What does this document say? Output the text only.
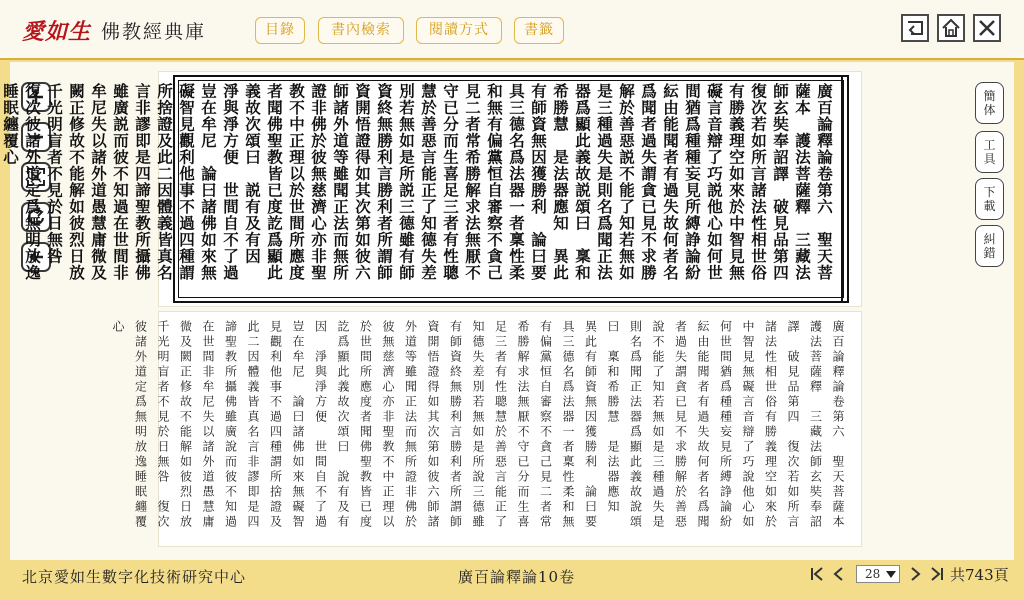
愛如生 佛教經典庫	目錄	書內檢索	閱讀方式	書籤
廣百論釋論卷第六　聖天菩薩本　護法菩薩釋　三藏法師玄奘奉詔譯　破見品第四　復次若如所言諸法性相世俗有勝義理空如來於中智見無礙言音辯了巧説他心如何世間猶爲種種妄見所縛諍論紛紜由能聞者有過失故何者名爲聞者過失謂貪已見不求勝解於善惡説不能了知若無如是三種過失是則名爲聞正法器爲顯此義故説頌曰　稟和希勝慧　是法器應知　異此有師資無因獲勝利　論曰要具三德名爲法器一者稟性柔和無有偏黨恒自審察不貪己見二者常希勝解求法無厭不守已分而生喜足三者有性聰慧於善惡言能正了知德失差別若無如是所説三德雖有師資終無勝利言勝利者所謂師資開悟證得如其次第如彼六師諸外道等雖聞正法而無所證非佛於彼無慈濟心亦非聖教不中正理以於世間所應度者聞佛聖教皆已度訖爲顯此義故次頌曰　説有及有因　淨與淨方便　世間自不了過豈在牟尼　論曰諸佛如來無礙智見觀利他事不過四種謂所捨證及此二因體義皆真名言非謬即是四諦聖教所攝佛雖廣説而彼不知過在世間非牟尼失以諸外道愚慧庸微及闕正修故不能解如彼烈日放千光明盲者不見於日無咎　復次彼諸外道定爲無明放逸睡眠纏覆心
廣百論釋論卷第六　聖天菩薩本　護法菩薩釋　三藏法師玄奘奉詔譯　破見品第四　復次若如所言諸法性相世俗有勝義理空如來於中智見無礙言音辯了巧說他心如何世間猶爲種種妄見所縛諍論紛紜由能聞者有過失故何者名爲聞者過失謂貪已見不求勝解於善惡說不能了知若無如是三種過失是則名爲聞正法器爲顯此義故說頌曰　稟和希勝慧　是法器應知　異此有師資無因獲勝利　論曰要具三德名爲法器一者稟性柔和無有偏黨恒自審察不貪己見二者常希勝解求法無厭不守已分而生喜足三者有性聰慧於善惡言能正了知德失差別若無如是所說三德雖有師資終無勝利言勝利者所謂師資開悟證得如其次第如彼六師諸外道等雖聞正法而無所證非佛於彼無慈濟心亦非聖教不中正理以於世間所應度者聞佛聖教皆已度訖爲顯此義故次頌曰　說有及有因　淨與淨方便　世間自不了過豈在牟尼　論曰諸佛如來無礙智見觀利他事不過四種謂所捨證及此二因體義皆真名言非謬即是四諦聖教所攝佛雖廣說而彼不知過在世間非牟尼失以諸外道愚慧庸微及闕正修故不能解如彼烈日放千光明盲者不見於日無咎　復次彼諸外道定爲無明放逸睡眠纏覆心
簡
体
工
具
下
載
糾
錯
北京愛如生數字化技術研究中心	廣百論釋論10卷	28	共743頁
